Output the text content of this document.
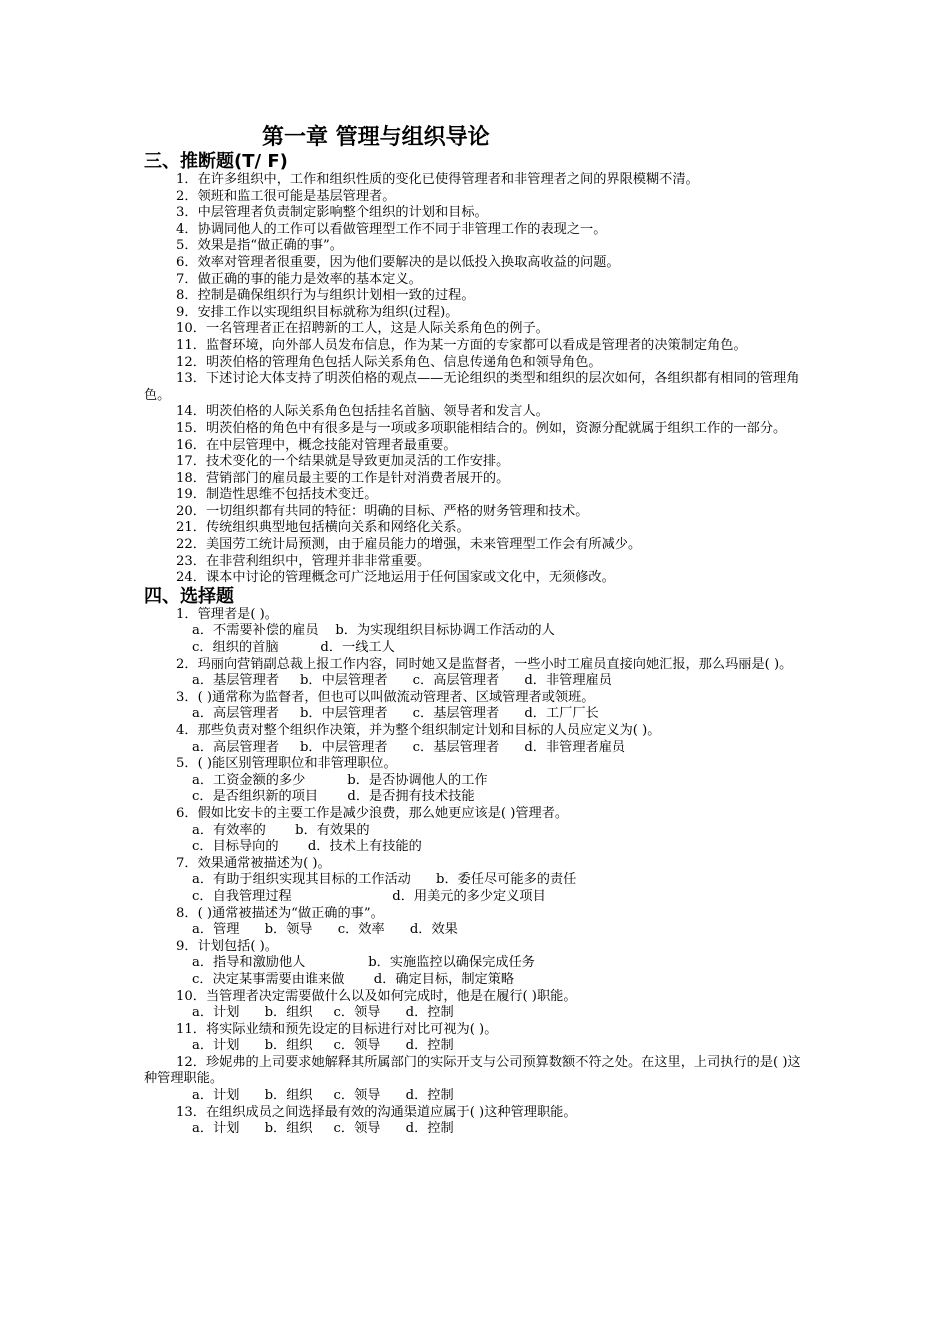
第一章 管理与组织导论
三、推断题(T/ F)

1．在许多组织中，工作和组织性质的变化已使得管理者和非管理者之间的界限模糊不清。

2．领班和监工很可能是基层管理者。

3．中层管理者负责制定影响整个组织的计划和目标。

4．协调同他人的工作可以看做管理型工作不同于非管理工作的表现之一。

5．效果是指“做正确的事”。

6．效率对管理者很重要，因为他们要解决的是以低投入换取高收益的问题。

7．做正确的事的能力是效率的基本定义。

8．控制是确保组织行为与组织计划相一致的过程。

9．安排工作以实现组织目标就称为组织(过程)。

10．一名管理者正在招聘新的工人，这是人际关系角色的例子。

11．监督环境，向外部人员发布信息，作为某一方面的专家都可以看成是管理者的决策制定角色。

12．明茨伯格的管理角色包括人际关系角色、信息传递角色和领导角色。

13．下述讨论大体支持了明茨伯格的观点——无论组织的类型和组织的层次如何，各组织都有相同的管理角色。

14．明茨伯格的人际关系角色包括挂名首脑、领导者和发言人。

15．明茨伯格的角色中有很多是与一项或多项职能相结合的。例如，资源分配就属于组织工作的一部分。

16．在中层管理中，概念技能对管理者最重要。

17．技术变化的一个结果就是导致更加灵活的工作安排。

18．营销部门的雇员最主要的工作是针对消费者展开的。

19．制造性思维不包括技术变迁。

20．一切组织都有共同的特征：明确的目标、严格的财务管理和技术。

21．传统组织典型地包括横向关系和网络化关系。

22．美国劳工统计局预测，由于雇员能力的增强，未来管理型工作会有所减少。

23．在非营利组织中，管理并非非常重要。

24．课本中讨论的管理概念可广泛地运用于任何国家或文化中，无须修改。

四、选择题

1．管理者是( )。

a．不需要补偿的雇员    b．为实现组织目标协调工作活动的人

c．组织的首脑          d．一线工人

2．玛丽向营销副总裁上报工作内容，同时她又是监督者，一些小时工雇员直接向她汇报，那么玛丽是( )。

a．基层管理者     b．中层管理者      c．高层管理者      d．非管理雇员

3．( )通常称为监督者，但也可以叫做流动管理者、区域管理者或领班。

a．高层管理者     b．中层管理者      c．基层管理者      d．工厂厂长

4．那些负责对整个组织作决策，并为整个组织制定计划和目标的人员应定义为( )。

a．高层管理者     b．中层管理者      c．基层管理者      d．非管理者雇员

5．( )能区别管理职位和非管理职位。

a．工资金额的多少          b．是否协调他人的工作

c．是否组织新的项目       d．是否拥有技术技能

6．假如比安卡的主要工作是减少浪费，那么她更应该是( )管理者。

a．有效率的       b．有效果的

c．目标导向的       d．技术上有技能的

7．效果通常被描述为( )。

a．有助于组织实现其目标的工作活动      b．委任尽可能多的责任

c．自我管理过程                        d．用美元的多少定义项目

8．( )通常被描述为“做正确的事”。

a．管理      b．领导      c．效率      d．效果

9．计划包括( )。

a．指导和激励他人               b．实施监控以确保完成任务

c．决定某事需要由谁来做       d．确定目标，制定策略

10．当管理者决定需要做什么以及如何完成时，他是在履行( )职能。

a．计划      b．组织     c．领导      d．控制

11．将实际业绩和预先设定的目标进行对比可视为( )。

a．计划      b．组织     c．领导      d．控制

12．珍妮弗的上司要求她解释其所属部门的实际开支与公司预算数额不符之处。在这里，上司执行的是( )这种管理职能。

a．计划      b．组织     c．领导      d．控制

13．在组织成员之间选择最有效的沟通渠道应属于( )这种管理职能。

a．计划      b．组织     c．领导      d．控制
